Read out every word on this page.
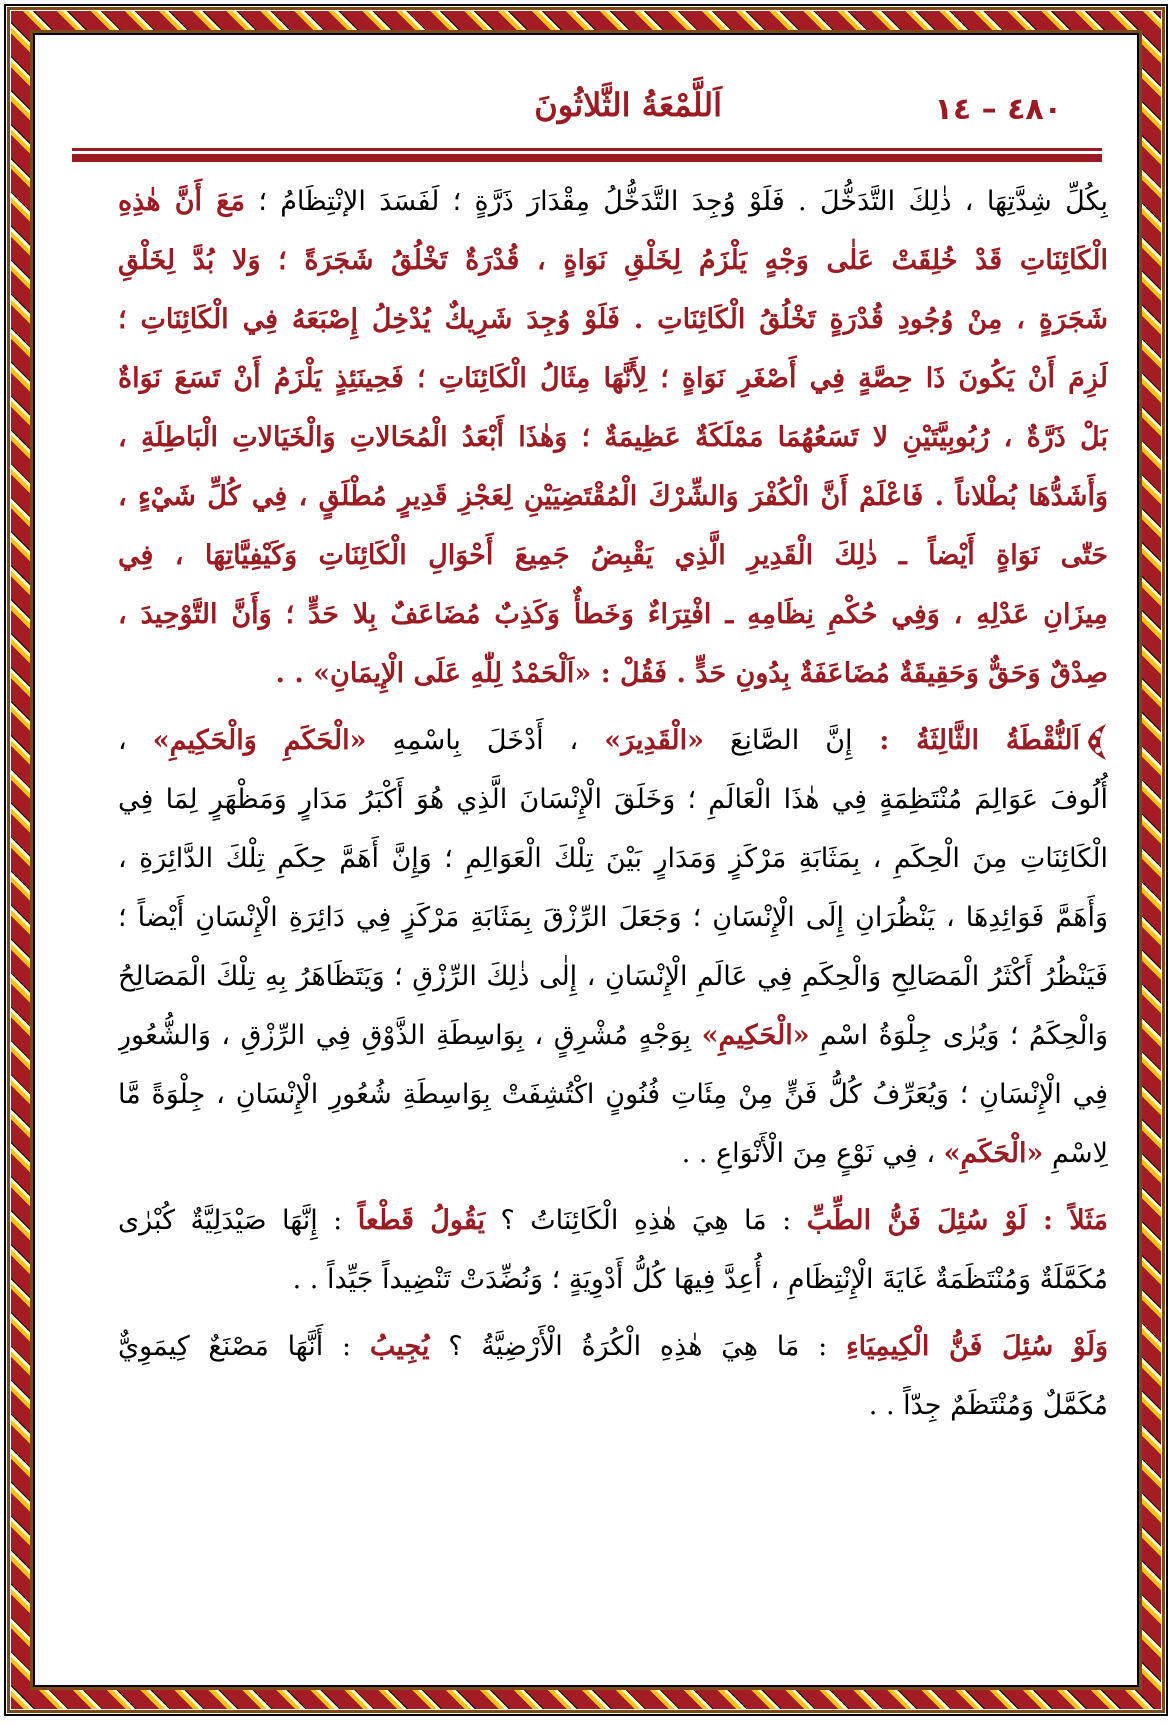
٤٨٠ – ١٤
اَللَّمْعَةُ الثَّلاثُونَ
بِكُلِّ شِدَّتِهَا ، ذٰلِكَ التَّدَخُّلَ . فَلَوْ وُجِدَ التَّدَخُّلُ مِقْدَارَ ذَرَّةٍ ؛ لَفَسَدَ الإنْتِظَامُ ؛ مَعَ أَنَّ هٰذِهِ
الْكَائِنَاتِ قَدْ خُلِقَتْ عَلٰى وَجْهٍ يَلْزَمُ لِخَلْقِ نَوَاةٍ ، قُدْرَةٌ تَخْلُقُ شَجَرَةً ؛ وَلا بُدَّ لِخَلْقِ
شَجَرَةٍ ، مِنْ وُجُودِ قُدْرَةٍ تَخْلُقُ الْكَائِنَاتِ . فَلَوْ وُجِدَ شَرِيكٌ يُدْخِلُ إِصْبَعَهُ فِي الْكَائِنَاتِ ؛
لَزِمَ أَنْ يَكُونَ ذَا حِصَّةٍ فِي أَصْغَرِ نَوَاةٍ ؛ لِأَنَّهَا مِثَالُ الْكَائِنَاتِ ؛ فَحِينَئِذٍ يَلْزَمُ أَنْ تَسَعَ نَوَاةٌ
بَلْ ذَرَّةٌ ، رُبُوبِيَّتَيْنِ لا تَسَعُهُمَا مَمْلَكَةٌ عَظِيمَةٌ ؛ وَهٰذَا أَبْعَدُ الْمُحَالاتِ وَالْخَيَالاتِ الْبَاطِلَةِ ،
وَأَشَدُّهَا بُطْلاناً . فَاعْلَمْ أَنَّ الْكُفْرَ وَالشِّرْكَ الْمُقْتَضِيَيْنِ لِعَجْزِ قَدِيرٍ مُطْلَقٍ ، فِي كُلِّ شَيْءٍ ،
حَتّٰى نَوَاةٍ أَيْضاً ـ ذٰلِكَ الْقَدِيرِ الَّذِي يَقْبِضُ جَمِيعَ أَحْوَالِ الْكَائِنَاتِ وَكَيْفِيَّاتِهَا ، فِي
مِيزَانِ عَدْلِهِ ، وَفِي حُكْمِ نِظَامِهِ ـ افْتِرَاءٌ وَخَطأٌ وَكَذِبٌ مُضَاعَفٌ بِلا حَدٍّ ؛ وَأَنَّ التَّوْحِيدَ ،
صِدْقٌ وَحَقٌّ وَحَقِيقَةٌ مُضَاعَفَةٌ بِدُونِ حَدٍّ . فَقُلْ : «اَلْحَمْدُ لِلّٰهِ عَلَى الْإِيمَانِ» . .
اَلنُّقْطَةُ الثَّالِثَةُ : إِنَّ الصَّانِعَ «الْقَدِيرَ» ، أَدْخَلَ بِاسْمِهِ «الْحَكَمِ وَالْحَكِيمِ» ،
أُلُوفَ عَوَالِمَ مُنْتَظِمَةٍ فِي هٰذَا الْعَالَمِ ؛ وَخَلَقَ الْإِنْسَانَ الَّذِي هُوَ أَكْبَرُ مَدَارٍ وَمَظْهَرٍ لِمَا فِي
الْكَائِنَاتِ مِنَ الْحِكَمِ ، بِمَثَابَةِ مَرْكَزٍ وَمَدَارٍ بَيْنَ تِلْكَ الْعَوَالِمِ ؛ وَإِنَّ أَهَمَّ حِكَمِ تِلْكَ الدَّائِرَةِ ،
وَأَهَمَّ فَوَائِدِهَا ، يَنْظُرَانِ إِلَى الْإِنْسَانِ ؛ وَجَعَلَ الرِّزْقَ بِمَثَابَةِ مَرْكَزٍ فِي دَائِرَةِ الْإِنْسَانِ أَيْضاً ؛
فَيَنْظُرُ أَكْثَرُ الْمَصَالِحِ وَالْحِكَمِ فِي عَالَمِ الْإِنْسَانِ ، إِلٰى ذٰلِكَ الرِّزْقِ ؛ وَيَتَظَاهَرُ بِهِ تِلْكَ الْمَصَالِحُ
وَالْحِكَمُ ؛ وَيُرٰى جِلْوَةُ اسْمِ «الْحَكِيمِ» بِوَجْهٍ مُشْرِقٍ ، بِوَاسِطَةِ الذَّوْقِ فِي الرِّزْقِ ، وَالشُّعُورِ
فِي الْإِنْسَانِ ؛ وَيُعَرِّفُ كُلُّ فَنٍّ مِنْ مِئَاتِ فُنُونٍ اكْتُشِفَتْ بِوَاسِطَةِ شُعُورِ الْإِنْسَانِ ، جِلْوَةً مَّا
لِاسْمِ «الْحَكَمِ» ، فِي نَوْعٍ مِنَ الْأَنْوَاعِ . .
مَثَلاً : لَوْ سُئِلَ فَنُّ الطِّبِّ : مَا هِيَ هٰذِهِ الْكَائِنَاتُ ؟ يَقُولُ قَطْعاً : إِنَّهَا صَيْدَلِيَّةٌ كُبْرٰى
مُكَمَّلَةٌ وَمُنْتَظَمَةٌ غَايَةَ الْإِنْتِظَامِ ، أُعِدَّ فِيهَا كُلُّ أَدْوِيَةٍ ؛ وَنُضِّدَتْ تَنْضِيداً جَيِّداً . .
وَلَوْ سُئِلَ فَنُّ الْكِيمِيَاءِ : مَا هِيَ هٰذِهِ الْكُرَةُ الْأَرْضِيَّةُ ؟ يُجِيبُ : أَنَّهَا مَصْنَعٌ كِيمَوِيٌّ
مُكَمَّلٌ وَمُنْتَظَمٌ جِدّاً . .
